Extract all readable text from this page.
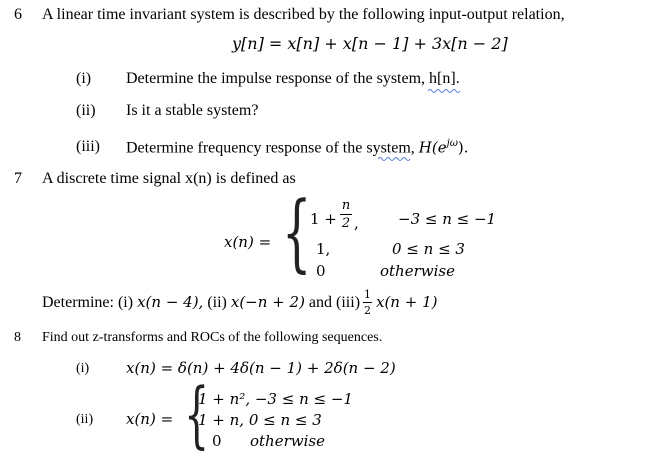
6 A linear time invariant system is described by the following input-output relation,
y[n] = x[n] + x[n − 1] + 3x[n − 2]
(i) Determine the impulse response of the system, h[n].
(ii) Is it a stable system?
(iii) Determine frequency response of the system, $H(e^{j\omega})$.
7 A discrete time signal x(n) is defined as
x(n) = {
1 +
n
2 ,	−3 ≤ n ≤ −1
1,	0 ≤ n ≤ 3
0	otherwise
Determine: (i) x(n − 4), (ii) x(−n + 2) and (iii) 1
2 x(n + 1)
8 Find out z-transforms and ROCs of the following sequences.
(i) x(n) = δ(n) + 4δ(n − 1) + 2δ(n − 2)
(ii) x(n) = {
1 + n², −3 ≤ n ≤ −1
1 + n, 0 ≤ n ≤ 3
0 otherwise
